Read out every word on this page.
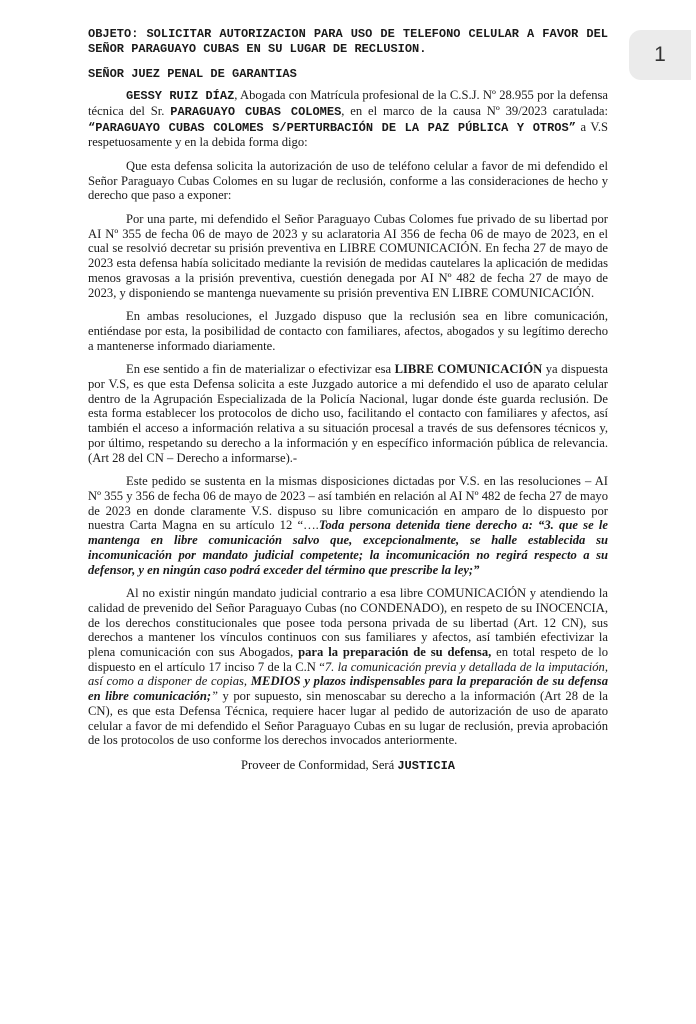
1
OBJETO: SOLICITAR AUTORIZACION PARA USO DE TELEFONO CELULAR A FAVOR DEL SEÑOR PARAGUAYO CUBAS EN SU LUGAR DE RECLUSION.
SEÑOR JUEZ PENAL DE GARANTIAS

GESSY RUIZ DÍAZ, Abogada con Matrícula profesional de la C.S.J. Nº 28.955 por la defensa técnica del Sr. PARAGUAYO CUBAS COLOMES, en el marco de la causa Nº 39/2023 caratulada: “PARAGUAYO CUBAS COLOMES S/PERTURBACIÓN DE LA PAZ PÚBLICA Y OTROS” a V.S respetuosamente y en la debida forma digo:

Que esta defensa solicita la autorización de uso de teléfono celular a favor de mi defendido el Señor Paraguayo Cubas Colomes en su lugar de reclusión, conforme a las consideraciones de hecho y derecho que paso a exponer:

Por una parte, mi defendido el Señor Paraguayo Cubas Colomes fue privado de su libertad por AI Nº 355 de fecha 06 de mayo de 2023 y su aclaratoria AI 356 de fecha 06 de mayo de 2023, en el cual se resolvió decretar su prisión preventiva en LIBRE COMUNICACIÓN. En fecha 27 de mayo de 2023 esta defensa había solicitado mediante la revisión de medidas cautelares la aplicación de medidas menos gravosas a la prisión preventiva, cuestión denegada por AI Nº 482 de fecha 27 de mayo de 2023, y disponiendo se mantenga nuevamente su prisión preventiva EN LIBRE COMUNICACIÓN.

En ambas resoluciones, el Juzgado dispuso que la reclusión sea en libre comunicación, entiéndase por esta, la posibilidad de contacto con familiares, afectos, abogados y su legítimo derecho a mantenerse informado diariamente.

En ese sentido a fin de materializar o efectivizar esa LIBRE COMUNICACIÓN ya dispuesta por V.S, es que esta Defensa solicita a este Juzgado autorice a mi defendido el uso de aparato celular dentro de la Agrupación Especializada de la Policía Nacional, lugar donde éste guarda reclusión. De esta forma establecer los protocolos de dicho uso, facilitando el contacto con familiares y afectos, así también el acceso a información relativa a su situación procesal a través de sus defensores técnicos y, por último, respetando su derecho a la información y en específico información pública de relevancia. (Art 28 del CN – Derecho a informarse).-

Este pedido se sustenta en la mismas disposiciones dictadas por V.S. en las resoluciones – AI Nº 355 y 356 de fecha 06 de mayo de 2023 – así también en relación al AI Nº 482 de fecha 27 de mayo de 2023 en donde claramente V.S. dispuso su libre comunicación en amparo de lo dispuesto por nuestra Carta Magna en su artículo 12 “….Toda persona detenida tiene derecho a: “3. que se le mantenga en libre comunicación salvo que, excepcionalmente, se halle establecida su incomunicación por mandato judicial competente; la incomunicación no regirá respecto a su defensor, y en ningún caso podrá exceder del término que prescribe la ley;”

Al no existir ningún mandato judicial contrario a esa libre COMUNICACIÓN y atendiendo la calidad de prevenido del Señor Paraguayo Cubas (no CONDENADO), en respeto de su INOCENCIA, de los derechos constitucionales que posee toda persona privada de su libertad (Art. 12 CN), sus derechos a mantener los vínculos continuos con sus familiares y afectos, así también efectivizar la plena comunicación con sus Abogados, para la preparación de su defensa, en total respeto de lo dispuesto en el artículo 17 inciso 7 de la C.N “7. la comunicación previa y detallada de la imputación, así como a disponer de copias, MEDIOS y plazos indispensables para la preparación de su defensa en libre comunicación;” y por supuesto, sin menoscabar su derecho a la información (Art 28 de la CN), es que esta Defensa Técnica, requiere hacer lugar al pedido de autorización de uso de aparato celular a favor de mi defendido el Señor Paraguayo Cubas en su lugar de reclusión, previa aprobación de los protocolos de uso conforme los derechos invocados anteriormente.

Proveer de Conformidad, Será JUSTICIA
